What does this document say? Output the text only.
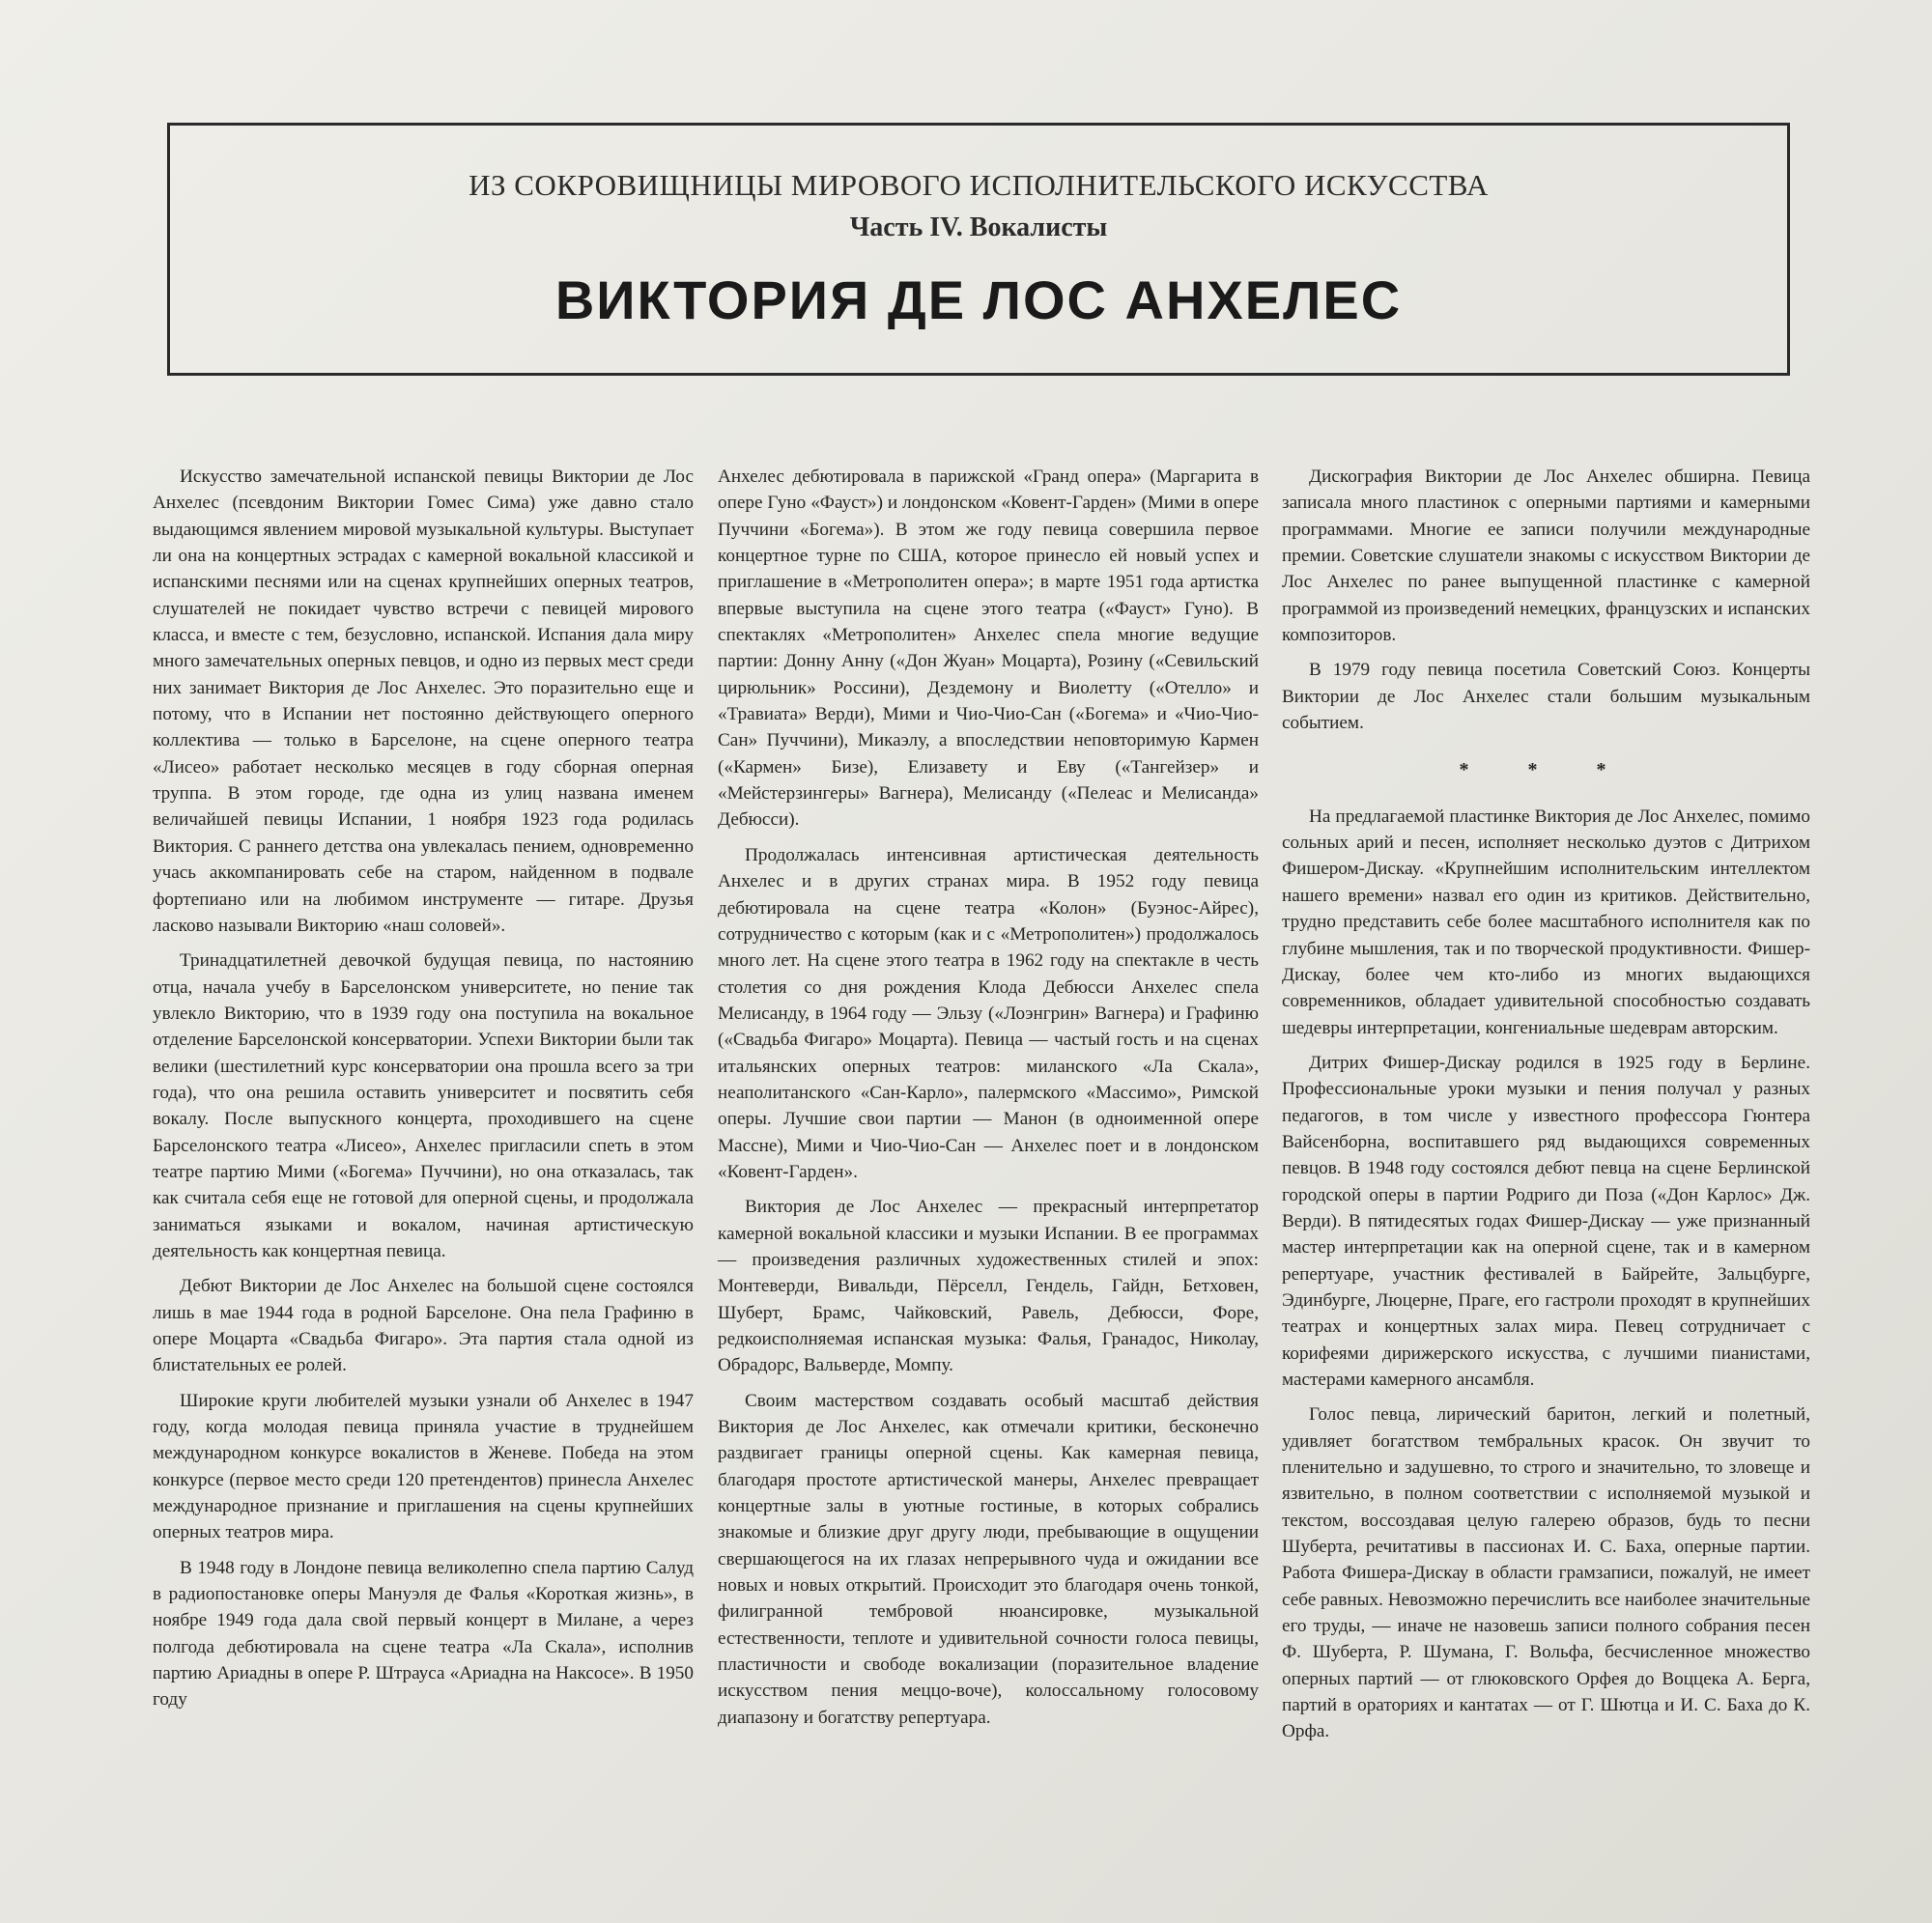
ИЗ СОКРОВИЩНИЦЫ МИРОВОГО ИСПОЛНИТЕЛЬСКОГО ИСКУССТВА
Часть IV. Вокалисты
ВИКТОРИЯ ДЕ ЛОС АНХЕЛЕС

Искусство замечательной испанской певицы Виктории де Лос Анхелес (псевдоним Виктории Гомес Сима) уже давно стало выдающимся явлением мировой музыкальной культуры. Выступает ли она на концертных эстрадах с камерной вокальной классикой и испанскими песнями или на сценах крупнейших оперных театров, слушателей не покидает чувство встречи с певицей мирового класса, и вместе с тем, безусловно, испанской. Испания дала миру много замечательных оперных певцов, и одно из первых мест среди них занимает Виктория де Лос Анхелес. Это поразительно еще и потому, что в Испании нет постоянно действующего оперного коллектива — только в Барселоне, на сцене оперного театра «Лисео» работает несколько месяцев в году сборная оперная труппа. В этом городе, где одна из улиц названа именем величайшей певицы Испании, 1 ноября 1923 года родилась Виктория. С раннего детства она увлекалась пением, одновременно учась аккомпанировать себе на старом, найденном в подвале фортепиано или на любимом инструменте — гитаре. Друзья ласково называли Викторию «наш соловей».

Тринадцатилетней девочкой будущая певица, по настоянию отца, начала учебу в Барселонском университете, но пение так увлекло Викторию, что в 1939 году она поступила на вокальное отделение Барселонской консерватории. Успехи Виктории были так велики (шестилетний курс консерватории она прошла всего за три года), что она решила оставить университет и посвятить себя вокалу. После выпускного концерта, проходившего на сцене Барселонского театра «Лисео», Анхелес пригласили спеть в этом театре партию Мими («Богема» Пуччини), но она отказалась, так как считала себя еще не готовой для оперной сцены, и продолжала заниматься языками и вокалом, начиная артистическую деятельность как концертная певица.

Дебют Виктории де Лос Анхелес на большой сцене состоялся лишь в мае 1944 года в родной Барселоне. Она пела Графиню в опере Моцарта «Свадьба Фигаро». Эта партия стала одной из блистательных ее ролей.

Широкие круги любителей музыки узнали об Анхелес в 1947 году, когда молодая певица приняла участие в труднейшем международном конкурсе вокалистов в Женеве. Победа на этом конкурсе (первое место среди 120 претендентов) принесла Анхелес международное признание и приглашения на сцены крупнейших оперных театров мира.

В 1948 году в Лондоне певица великолепно спела партию Салуд в радиопостановке оперы Мануэля де Фалья «Короткая жизнь», в ноябре 1949 года дала свой первый концерт в Милане, а через полгода дебютировала на сцене театра «Ла Скала», исполнив партию Ариадны в опере Р. Штрауса «Ариадна на Наксосе». В 1950 году

Анхелес дебютировала в парижской «Гранд опера» (Маргарита в опере Гуно «Фауст») и лондонском «Ковент-Гарден» (Мими в опере Пуччини «Богема»). В этом же году певица совершила первое концертное турне по США, которое принесло ей новый успех и приглашение в «Метрополитен опера»; в марте 1951 года артистка впервые выступила на сцене этого театра («Фауст» Гуно). В спектаклях «Метрополитен» Анхелес спела многие ведущие партии: Донну Анну («Дон Жуан» Моцарта), Розину («Севильский цирюльник» Россини), Дездемону и Виолетту («Отелло» и «Травиата» Верди), Мими и Чио-Чио-Сан («Богема» и «Чио-Чио-Сан» Пуччини), Микаэлу, а впоследствии неповторимую Кармен («Кармен» Бизе), Елизавету и Еву («Тангейзер» и «Мейстерзингеры» Вагнера), Мелисанду («Пелеас и Мелисанда» Дебюсси).

Продолжалась интенсивная артистическая деятельность Анхелес и в других странах мира. В 1952 году певица дебютировала на сцене театра «Колон» (Буэнос-Айрес), сотрудничество с которым (как и с «Метрополитен») продолжалось много лет. На сцене этого театра в 1962 году на спектакле в честь столетия со дня рождения Клода Дебюсси Анхелес спела Мелисанду, в 1964 году — Эльзу («Лоэнгрин» Вагнера) и Графиню («Свадьба Фигаро» Моцарта). Певица — частый гость и на сценах итальянских оперных театров: миланского «Ла Скала», неаполитанского «Сан-Карло», палермского «Массимо», Римской оперы. Лучшие свои партии — Манон (в одноименной опере Массне), Мими и Чио-Чио-Сан — Анхелес поет и в лондонском «Ковент-Гарден».

Виктория де Лос Анхелес — прекрасный интерпретатор камерной вокальной классики и музыки Испании. В ее программах — произведения различных художественных стилей и эпох: Монтеверди, Вивальди, Пёрселл, Гендель, Гайдн, Бетховен, Шуберт, Брамс, Чайковский, Равель, Дебюсси, Форе, редкоисполняемая испанская музыка: Фалья, Гранадос, Николау, Обрадорс, Вальверде, Момпу.

Своим мастерством создавать особый масштаб действия Виктория де Лос Анхелес, как отмечали критики, бесконечно раздвигает границы оперной сцены. Как камерная певица, благодаря простоте артистической манеры, Анхелес превращает концертные залы в уютные гостиные, в которых собрались знакомые и близкие друг другу люди, пребывающие в ощущении свершающегося на их глазах непрерывного чуда и ожидании все новых и новых открытий. Происходит это благодаря очень тонкой, филигранной тембровой нюансировке, музыкальной естественности, теплоте и удивительной сочности голоса певицы, пластичности и свободе вокализации (поразительное владение искусством пения меццо-воче), колоссальному голосовому диапазону и богатству репертуара.

Дискография Виктории де Лос Анхелес обширна. Певица записала много пластинок с оперными партиями и камерными программами. Многие ее записи получили международные премии. Советские слушатели знакомы с искусством Виктории де Лос Анхелес по ранее выпущенной пластинке с камерной программой из произведений немецких, французских и испанских композиторов.

В 1979 году певица посетила Советский Союз. Концерты Виктории де Лос Анхелес стали большим музыкальным событием.

* * *

На предлагаемой пластинке Виктория де Лос Анхелес, помимо сольных арий и песен, исполняет несколько дуэтов с Дитрихом Фишером-Дискау. «Крупнейшим исполнительским интеллектом нашего времени» назвал его один из критиков. Действительно, трудно представить себе более масштабного исполнителя как по глубине мышления, так и по творческой продуктивности. Фишер-Дискау, более чем кто-либо из многих выдающихся современников, обладает удивительной способностью создавать шедевры интерпретации, конгениальные шедеврам авторским.

Дитрих Фишер-Дискау родился в 1925 году в Берлине. Профессиональные уроки музыки и пения получал у разных педагогов, в том числе у известного профессора Гюнтера Вайсенборна, воспитавшего ряд выдающихся современных певцов. В 1948 году состоялся дебют певца на сцене Берлинской городской оперы в партии Родриго ди Поза («Дон Карлос» Дж. Верди). В пятидесятых годах Фишер-Дискау — уже признанный мастер интерпретации как на оперной сцене, так и в камерном репертуаре, участник фестивалей в Байрейте, Зальцбурге, Эдинбурге, Люцерне, Праге, его гастроли проходят в крупнейших театрах и концертных залах мира. Певец сотрудничает с корифеями дирижерского искусства, с лучшими пианистами, мастерами камерного ансамбля.

Голос певца, лирический баритон, легкий и полетный, удивляет богатством тембральных красок. Он звучит то пленительно и задушевно, то строго и значительно, то зловеще и язвительно, в полном соответствии с исполняемой музыкой и текстом, воссоздавая целую галерею образов, будь то песни Шуберта, речитативы в пассионах И. С. Баха, оперные партии. Работа Фишера-Дискау в области грамзаписи, пожалуй, не имеет себе равных. Невозможно перечислить все наиболее значительные его труды, — иначе не назовешь записи полного собрания песен Ф. Шуберта, Р. Шумана, Г. Вольфа, бесчисленное множество оперных партий — от глюковского Орфея до Воццека А. Берга, партий в ораториях и кантатах — от Г. Шютца и И. С. Баха до К. Орфа.
